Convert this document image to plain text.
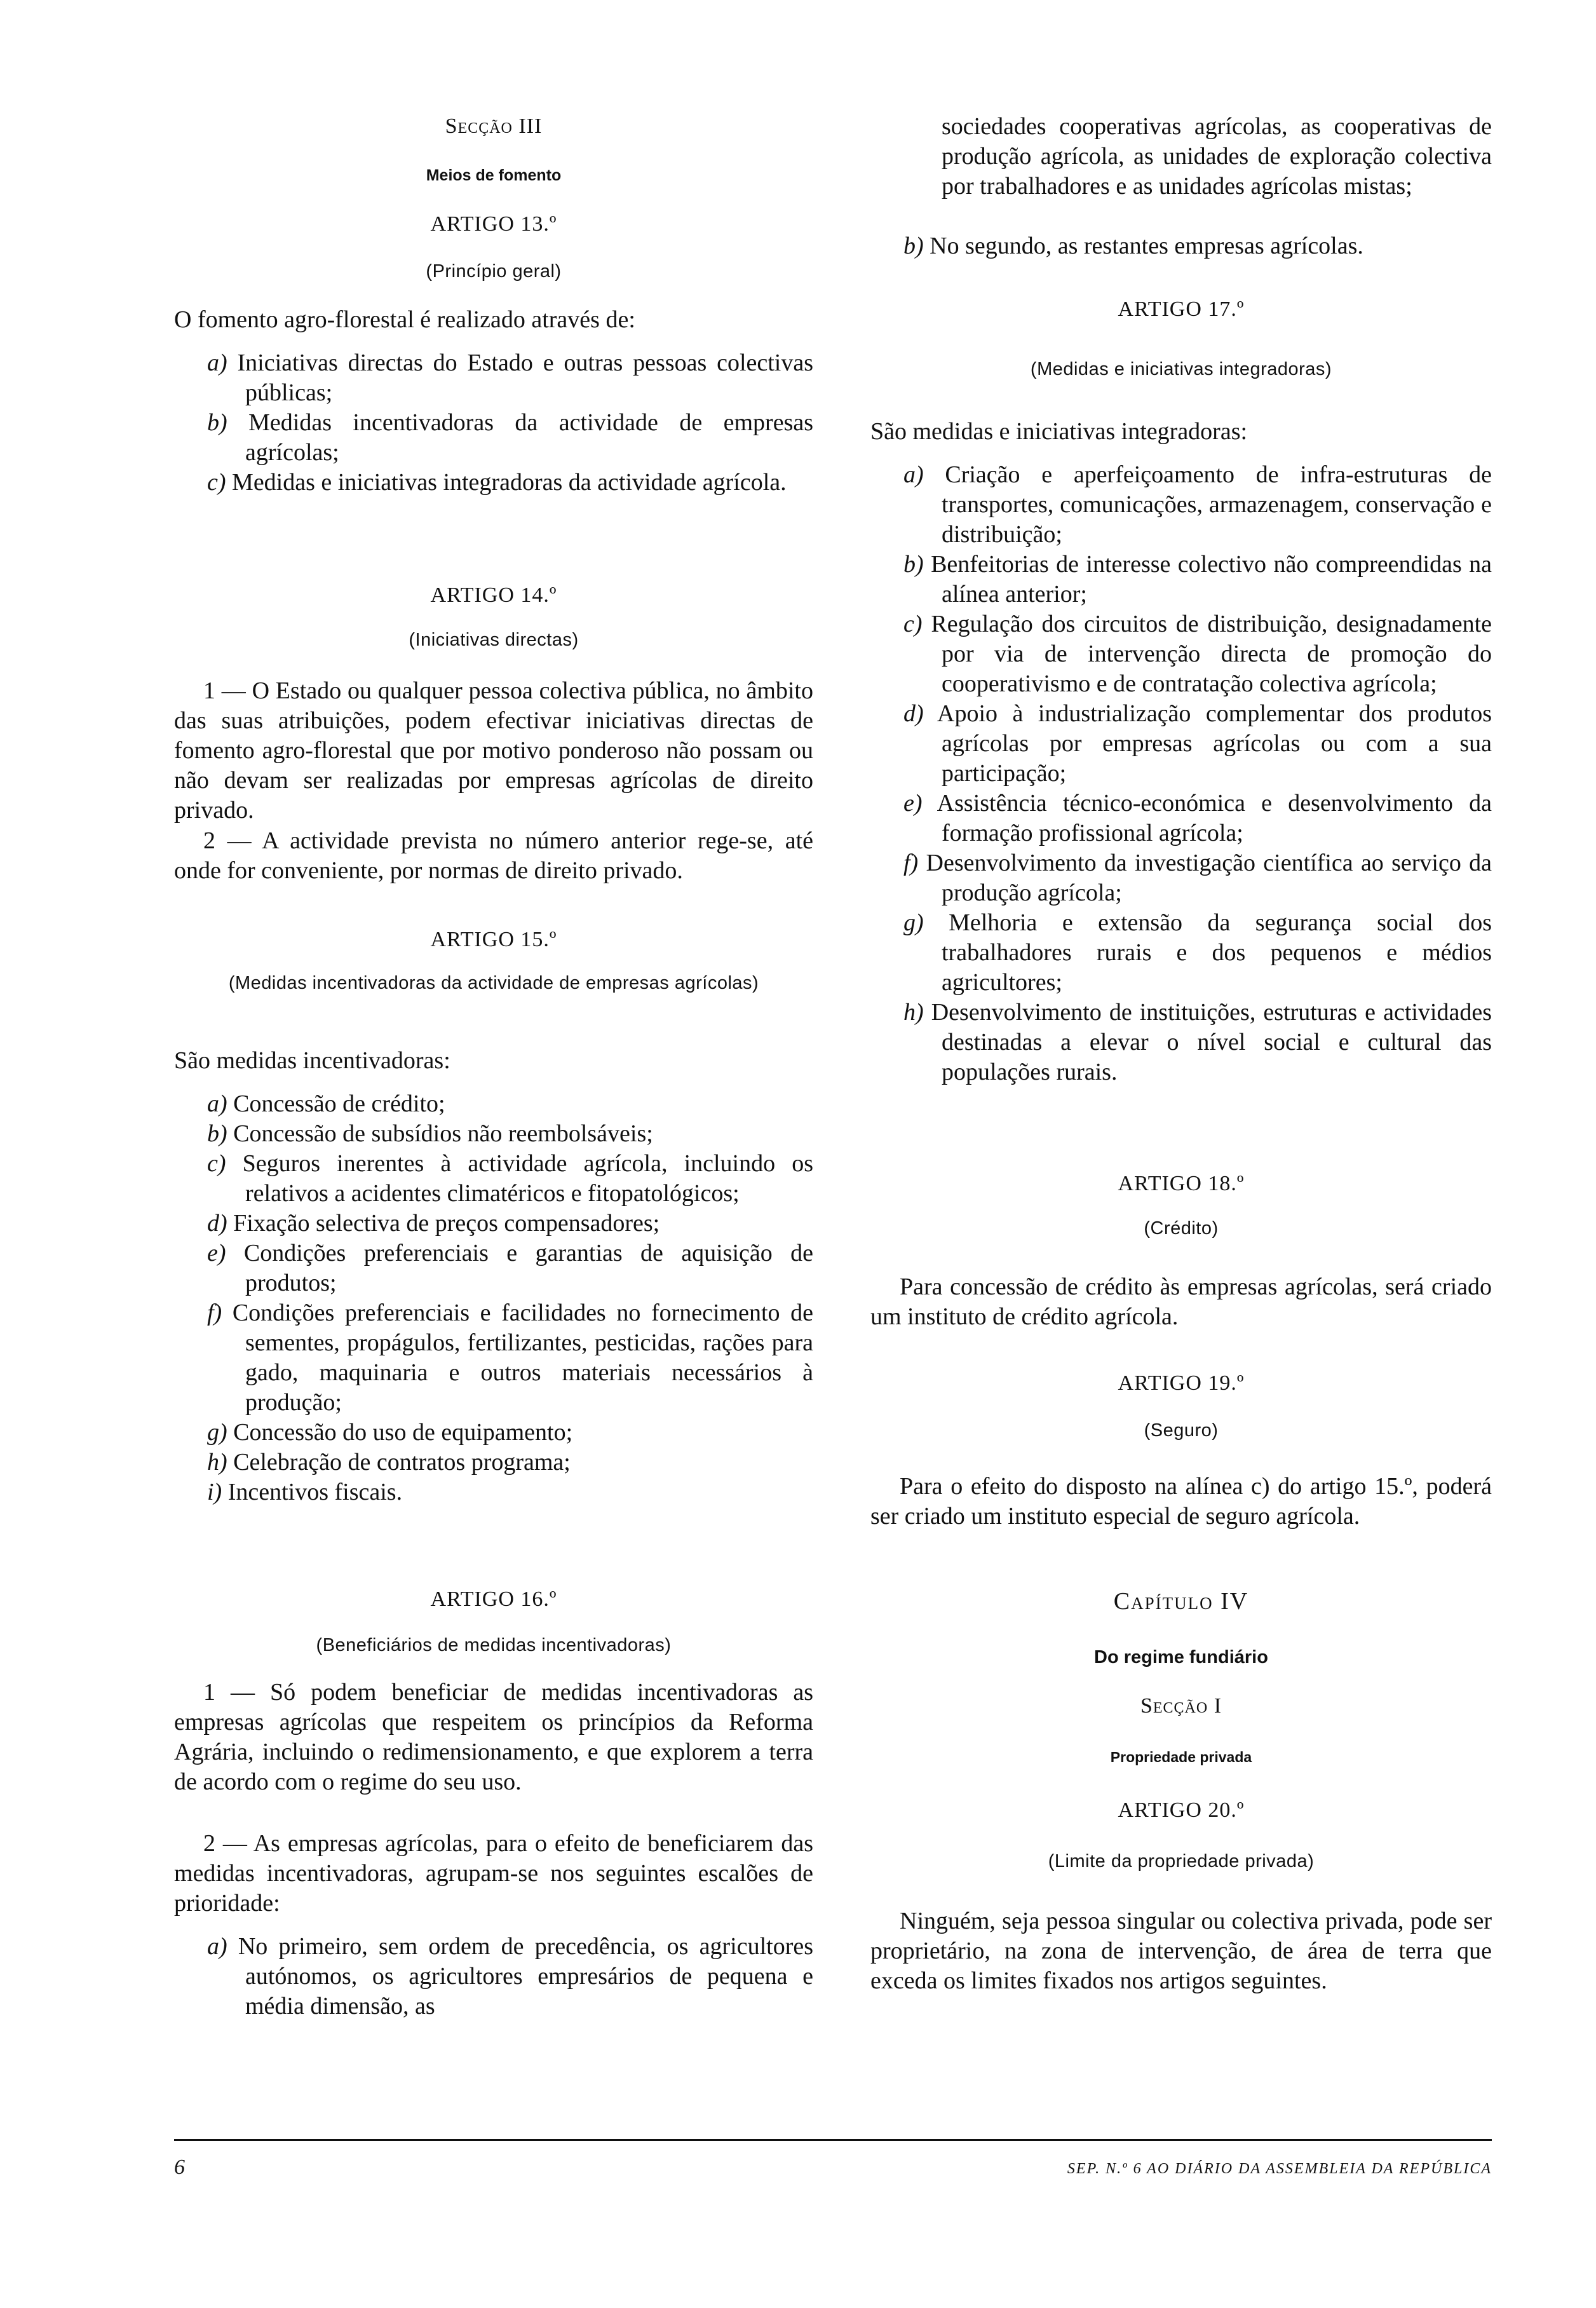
Secção III
Meios de fomento
ARTIGO 13.º
(Princípio geral)
O fomento agro-florestal é realizado através de:
a) Iniciativas directas do Estado e outras pessoas colectivas públicas;
b) Medidas incentivadoras da actividade de empresas agrícolas;
c) Medidas e iniciativas integradoras da actividade agrícola.
ARTIGO 14.º
(Iniciativas directas)
1 — O Estado ou qualquer pessoa colectiva pública, no âmbito das suas atribuições, podem efectivar iniciativas directas de fomento agro-florestal que por motivo ponderoso não possam ou não devam ser realizadas por empresas agrícolas de direito privado.
2 — A actividade prevista no número anterior rege-se, até onde for conveniente, por normas de direito privado.
ARTIGO 15.º
(Medidas incentivadoras da actividade de empresas agrícolas)
São medidas incentivadoras:
a) Concessão de crédito;
b) Concessão de subsídios não reembolsáveis;
c) Seguros inerentes à actividade agrícola, incluindo os relativos a acidentes climatéricos e fitopatológicos;
d) Fixação selectiva de preços compensadores;
e) Condições preferenciais e garantias de aquisição de produtos;
f) Condições preferenciais e facilidades no fornecimento de sementes, propágulos, fertilizantes, pesticidas, rações para gado, maquinaria e outros materiais necessários à produção;
g) Concessão do uso de equipamento;
h) Celebração de contratos programa;
i) Incentivos fiscais.
ARTIGO 16.º
(Beneficiários de medidas incentivadoras)
1 — Só podem beneficiar de medidas incentivadoras as empresas agrícolas que respeitem os princípios da Reforma Agrária, incluindo o redimensionamento, e que explorem a terra de acordo com o regime do seu uso.
2 — As empresas agrícolas, para o efeito de beneficiarem das medidas incentivadoras, agrupam-se nos seguintes escalões de prioridade:
a) No primeiro, sem ordem de precedência, os agricultores autónomos, os agricultores empresários de pequena e média dimensão, as
sociedades cooperativas agrícolas, as cooperativas de produção agrícola, as unidades de exploração colectiva por trabalhadores e as unidades agrícolas mistas;
b) No segundo, as restantes empresas agrícolas.
ARTIGO 17.º
(Medidas e iniciativas integradoras)
São medidas e iniciativas integradoras:
a) Criação e aperfeiçoamento de infra-estruturas de transportes, comunicações, armazenagem, conservação e distribuição;
b) Benfeitorias de interesse colectivo não compreendidas na alínea anterior;
c) Regulação dos circuitos de distribuição, designadamente por via de intervenção directa de promoção do cooperativismo e de contratação colectiva agrícola;
d) Apoio à industrialização complementar dos produtos agrícolas por empresas agrícolas ou com a sua participação;
e) Assistência técnico-económica e desenvolvimento da formação profissional agrícola;
f) Desenvolvimento da investigação científica ao serviço da produção agrícola;
g) Melhoria e extensão da segurança social dos trabalhadores rurais e dos pequenos e médios agricultores;
h) Desenvolvimento de instituições, estruturas e actividades destinadas a elevar o nível social e cultural das populações rurais.
ARTIGO 18.º
(Crédito)
Para concessão de crédito às empresas agrícolas, será criado um instituto de crédito agrícola.
ARTIGO 19.º
(Seguro)
Para o efeito do disposto na alínea c) do artigo 15.º, poderá ser criado um instituto especial de seguro agrícola.
Capítulo IV
Do regime fundiário
Secção I
Propriedade privada
ARTIGO 20.º
(Limite da propriedade privada)
Ninguém, seja pessoa singular ou colectiva privada, pode ser proprietário, na zona de intervenção, de área de terra que exceda os limites fixados nos artigos seguintes.
6	SEP. N.º 6 AO DIÁRIO DA ASSEMBLEIA DA REPÚBLICA
